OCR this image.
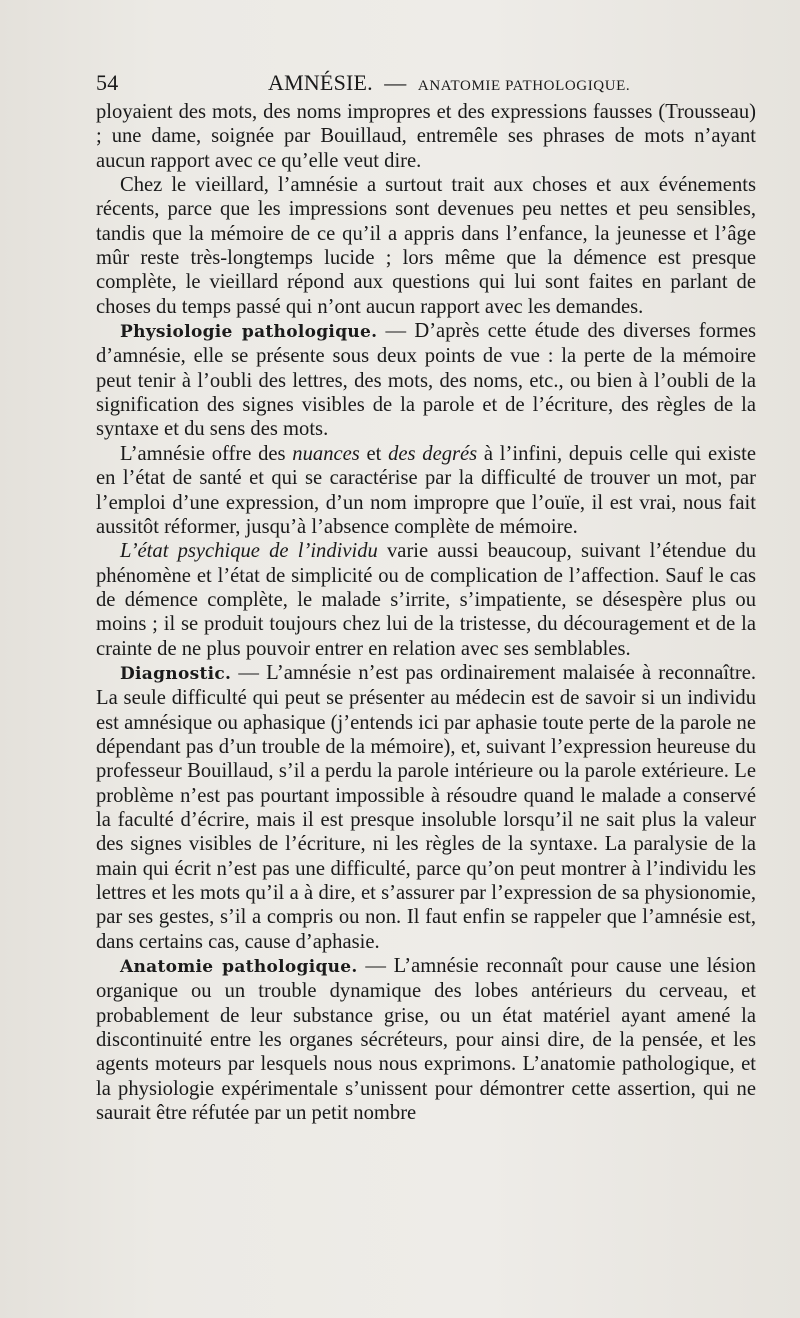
54	AMNÉSIE. — ANATOMIE PATHOLOGIQUE.

ployaient des mots, des noms impropres et des expressions fausses (Trousseau) ; une dame, soignée par Bouillaud, entremêle ses phrases de mots n’ayant aucun rapport avec ce qu’elle veut dire.

Chez le vieillard, l’amnésie a surtout trait aux choses et aux événements récents, parce que les impressions sont devenues peu nettes et peu sensibles, tandis que la mémoire de ce qu’il a appris dans l’enfance, la jeunesse et l’âge mûr reste très-longtemps lucide ; lors même que la démence est presque complète, le vieillard répond aux questions qui lui sont faites en parlant de choses du temps passé qui n’ont aucun rapport avec les demandes.

Physiologie pathologique. — D’après cette étude des diverses formes d’amnésie, elle se présente sous deux points de vue : la perte de la mémoire peut tenir à l’oubli des lettres, des mots, des noms, etc., ou bien à l’oubli de la signification des signes visibles de la parole et de l’écriture, des règles de la syntaxe et du sens des mots.

L’amnésie offre des nuances et des degrés à l’infini, depuis celle qui existe en l’état de santé et qui se caractérise par la difficulté de trouver un mot, par l’emploi d’une expression, d’un nom impropre que l’ouïe, il est vrai, nous fait aussitôt réformer, jusqu’à l’absence complète de mémoire.

L’état psychique de l’individu varie aussi beaucoup, suivant l’étendue du phénomène et l’état de simplicité ou de complication de l’affection. Sauf le cas de démence complète, le malade s’irrite, s’impatiente, se désespère plus ou moins ; il se produit toujours chez lui de la tristesse, du découragement et de la crainte de ne plus pouvoir entrer en relation avec ses semblables.

Diagnostic. — L’amnésie n’est pas ordinairement malaisée à reconnaître. La seule difficulté qui peut se présenter au médecin est de savoir si un individu est amnésique ou aphasique (j’entends ici par aphasie toute perte de la parole ne dépendant pas d’un trouble de la mémoire), et, suivant l’expression heureuse du professeur Bouillaud, s’il a perdu la parole intérieure ou la parole extérieure. Le problème n’est pas pourtant impossible à résoudre quand le malade a conservé la faculté d’écrire, mais il est presque insoluble lorsqu’il ne sait plus la valeur des signes visibles de l’écriture, ni les règles de la syntaxe. La paralysie de la main qui écrit n’est pas une difficulté, parce qu’on peut montrer à l’individu les lettres et les mots qu’il a à dire, et s’assurer par l’expression de sa physionomie, par ses gestes, s’il a compris ou non. Il faut enfin se rappeler que l’amnésie est, dans certains cas, cause d’aphasie.

Anatomie pathologique. — L’amnésie reconnaît pour cause une lésion organique ou un trouble dynamique des lobes antérieurs du cerveau, et probablement de leur substance grise, ou un état matériel ayant amené la discontinuité entre les organes sécréteurs, pour ainsi dire, de la pensée, et les agents moteurs par lesquels nous nous exprimons. L’anatomie pathologique, et la physiologie expérimentale s’unissent pour démontrer cette assertion, qui ne saurait être réfutée par un petit nombre
